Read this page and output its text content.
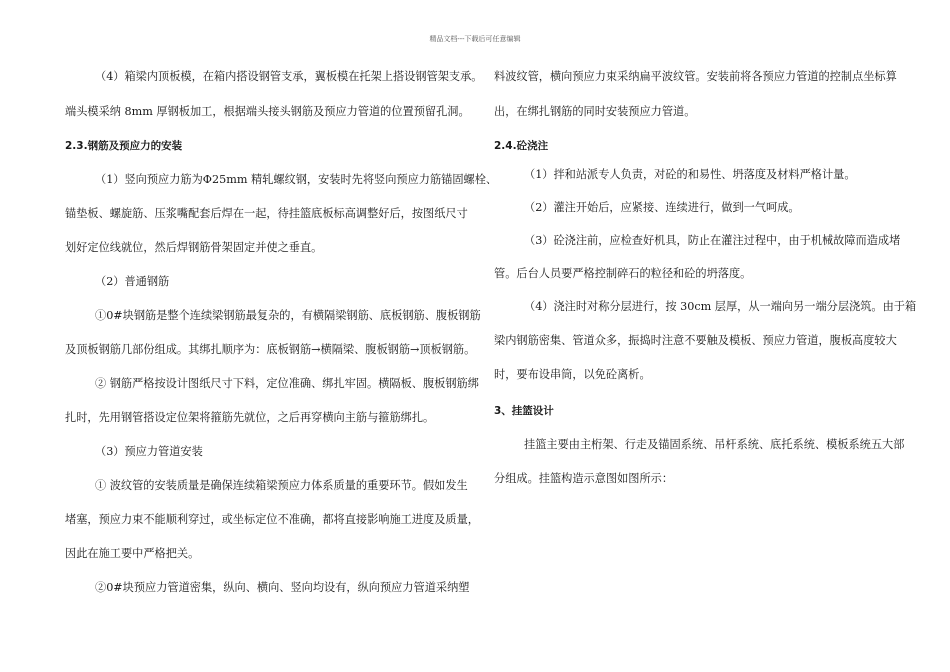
精品文档---下载后可任意编辑
（4）箱梁内顶板模，在箱内搭设钢管支承，翼板模在托架上搭设钢管架支承。
端头模采纳 8mm 厚钢板加工，根据端头接头钢筋及预应力管道的位置预留孔洞。
2.3.钢筋及预应力的安装
（1）竖向预应力筋为Φ25mm 精轧螺纹钢，安装时先将竖向预应力筋锚固螺栓、
锚垫板、螺旋筋、压浆嘴配套后焊在一起，待挂篮底板标高调整好后，按图纸尺寸
划好定位线就位，然后焊钢筋骨架固定并使之垂直。
（2）普通钢筋
①0#块钢筋是整个连续梁钢筋最复杂的，有横隔梁钢筋、底板钢筋、腹板钢筋
及顶板钢筋几部份组成。其绑扎顺序为：底板钢筋→横隔梁、腹板钢筋→顶板钢筋。
② 钢筋严格按设计图纸尺寸下料，定位准确、绑扎牢固。横隔板、腹板钢筋绑
扎时，先用钢管搭设定位架将箍筋先就位，之后再穿横向主筋与箍筋绑扎。
（3）预应力管道安装
① 波纹管的安装质量是确保连续箱梁预应力体系质量的重要环节。假如发生
堵塞，预应力束不能顺利穿过，或坐标定位不准确，都将直接影响施工进度及质量，
因此在施工要中严格把关。
②0#块预应力管道密集，纵向、横向、竖向均设有，纵向预应力管道采纳塑
料波纹管，横向预应力束采纳扁平波纹管。安装前将各预应力管道的控制点坐标算
出，在绑扎钢筋的同时安装预应力管道。
2.4.砼浇注
（1）拌和站派专人负责，对砼的和易性、坍落度及材料严格计量。
（2）灌注开始后，应紧接、连续进行，做到一气呵成。
（3）砼浇注前，应检查好机具，防止在灌注过程中，由于机械故障而造成堵
管。后台人员要严格控制碎石的粒径和砼的坍落度。
（4）浇注时对称分层进行，按 30cm 层厚，从一端向另一端分层浇筑。由于箱
梁内钢筋密集、管道众多，振捣时注意不要触及模板、预应力管道，腹板高度较大
时，要布设串筒，以免砼离析。
3、挂篮设计
挂篮主要由主桁架、行走及锚固系统、吊杆系统、底托系统、模板系统五大部
分组成。挂篮构造示意图如图所示：
